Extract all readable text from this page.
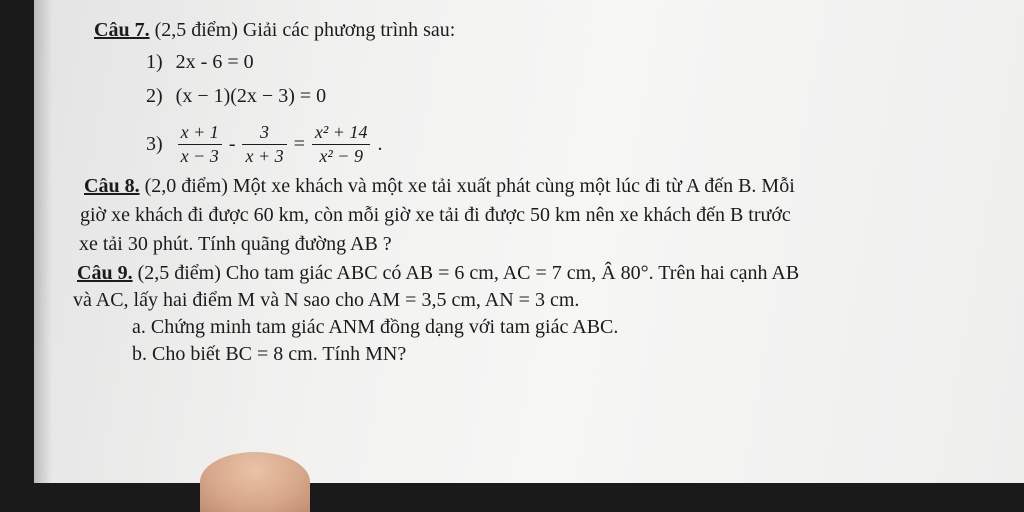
Câu 7. (2,5 điểm) Giải các phương trình sau:
1) 2x - 6 = 0
2) (x − 1)(2x − 3) = 0
$3) \frac{x + 1}{x - 3} - \frac{3}{x + 3} = \frac{\text{x² + 14}}{\text{x² − 9}}$ .
Câu 8. (2,0 điểm) Một xe khách và một xe tải xuất phát cùng một lúc đi từ A đến B. Mỗi
giờ xe khách đi được 60 km, còn mỗi giờ xe tải đi được 50 km nên xe khách đến B trước
xe tải 30 phút. Tính quãng đường AB ?
Câu 9. (2,5 điểm) Cho tam giác ABC có AB = 6 cm, AC = 7 cm, Â 80°. Trên hai cạnh AB
và AC, lấy hai điểm M và N sao cho AM = 3,5 cm, AN = 3 cm.
a. Chứng minh tam giác ANM đồng dạng với tam giác ABC.
b. Cho biết BC = 8 cm. Tính MN?
